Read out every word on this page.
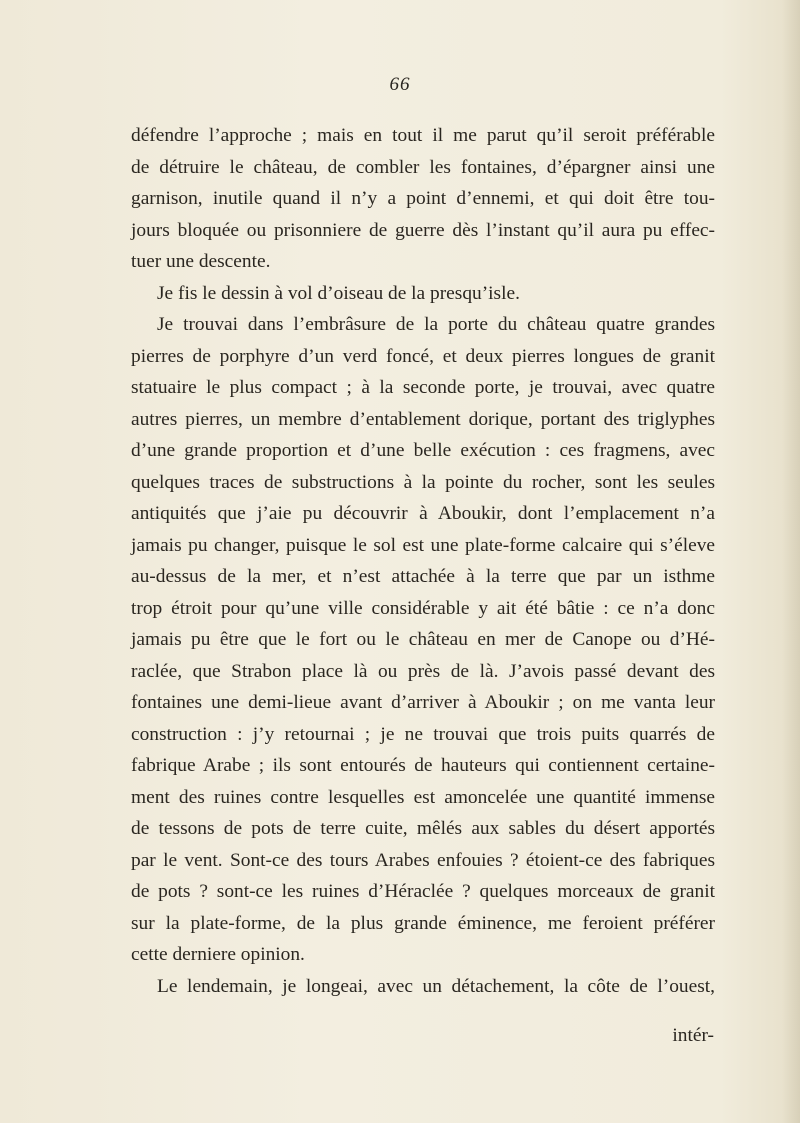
66
défendre l’approche ; mais en tout il me parut qu’il seroit préférable
de détruire le château, de combler les fontaines, d’épargner ainsi une
garnison, inutile quand il n’y a point d’ennemi, et qui doit être tou-
jours bloquée ou prisonniere de guerre dès l’instant qu’il aura pu effec-
tuer une descente.
Je fis le dessin à vol d’oiseau de la presqu’isle.
Je trouvai dans l’embrâsure de la porte du château quatre grandes
pierres de porphyre d’un verd foncé, et deux pierres longues de granit
statuaire le plus compact ; à la seconde porte, je trouvai, avec quatre
autres pierres, un membre d’entablement dorique, portant des triglyphes
d’une grande proportion et d’une belle exécution : ces fragmens, avec
quelques traces de substructions à la pointe du rocher, sont les seules
antiquités que j’aie pu découvrir à Aboukir, dont l’emplacement n’a
jamais pu changer, puisque le sol est une plate-forme calcaire qui s’éleve
au-dessus de la mer, et n’est attachée à la terre que par un isthme
trop étroit pour qu’une ville considérable y ait été bâtie : ce n’a donc
jamais pu être que le fort ou le château en mer de Canope ou d’Hé-
raclée, que Strabon place là ou près de là. J’avois passé devant des
fontaines une demi-lieue avant d’arriver à Aboukir ; on me vanta leur
construction : j’y retournai ; je ne trouvai que trois puits quarrés de
fabrique Arabe ; ils sont entourés de hauteurs qui contiennent certaine-
ment des ruines contre lesquelles est amoncelée une quantité immense
de tessons de pots de terre cuite, mêlés aux sables du désert apportés
par le vent. Sont-ce des tours Arabes enfouies ? étoient-ce des fabriques
de pots ? sont-ce les ruines d’Héraclée ? quelques morceaux de granit
sur la plate-forme, de la plus grande éminence, me feroient préférer
cette derniere opinion.
Le lendemain, je longeai, avec un détachement, la côte de l’ouest,
intér-
